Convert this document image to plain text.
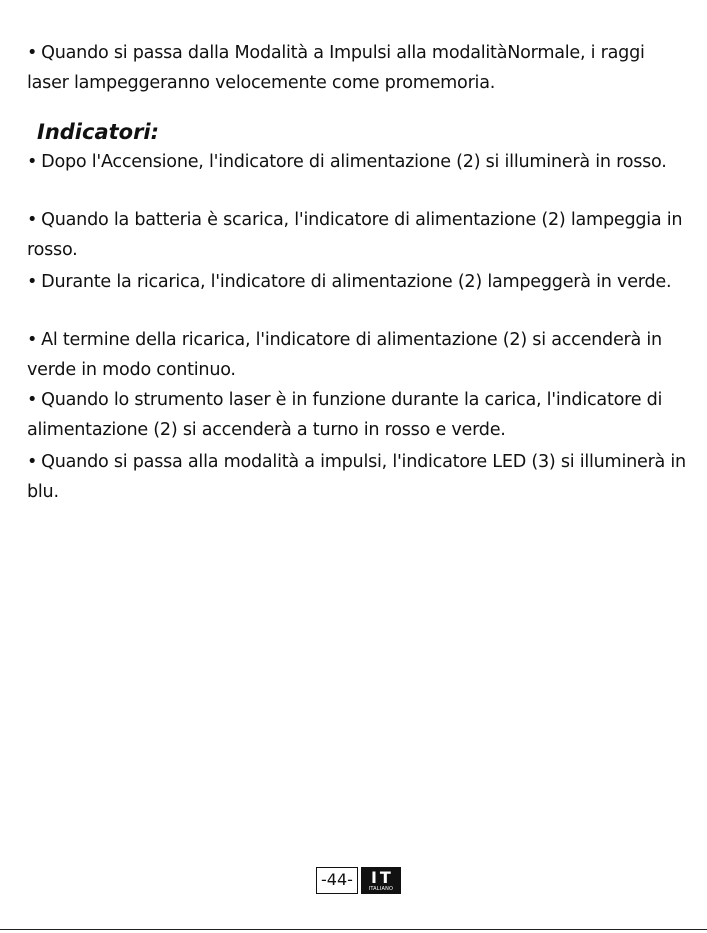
• Quando si passa dalla Modalità a Impulsi alla modalitàNormale, i raggi laser lampeggeranno velocemente come promemoria.

Indicatori:

• Dopo l'Accensione, l'indicatore di alimentazione (2) si illuminerà in rosso.

• Quando la batteria è scarica, l'indicatore di alimentazione (2) lampeggia in rosso.

• Durante la ricarica, l'indicatore di alimentazione (2) lampeggerà in verde.

• Al termine della ricarica, l'indicatore di alimentazione (2) si accenderà in verde in modo continuo.

• Quando lo strumento laser è in funzione durante la carica, l'indicatore di alimentazione (2) si accenderà a turno in rosso e verde.

• Quando si passa alla modalità a impulsi, l'indicatore LED (3) si illuminerà in blu.

-44-	IT
ITALIANO
